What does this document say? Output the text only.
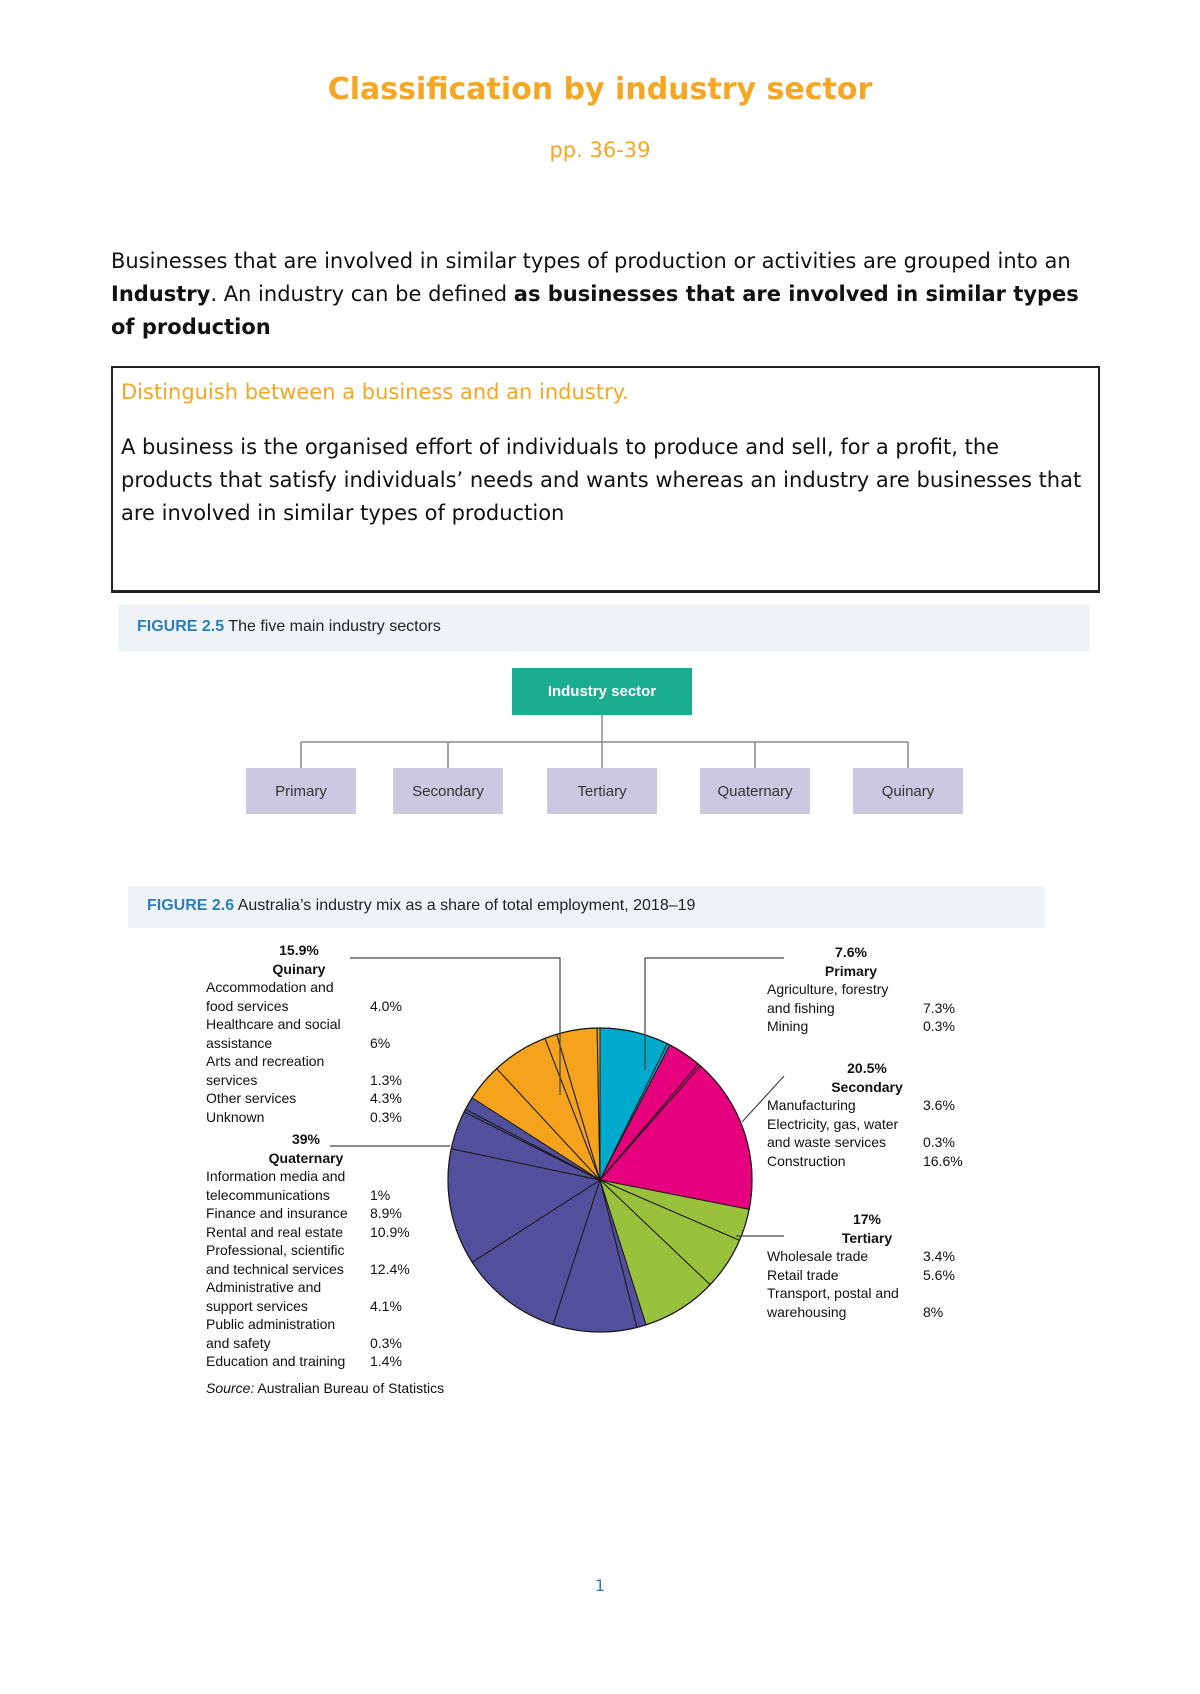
Classification by industry sector
pp. 36-39
Businesses that are involved in similar types of production or activities are grouped into an Industry. An industry can be defined as businesses that are involved in similar types of production
Distinguish between a business and an industry.
A business is the organised effort of individuals to produce and sell, for a profit, the products that satisfy individuals’ needs and wants whereas an industry are businesses that are involved in similar types of production
FIGURE 2.5 The five main industry sectors
Industry sector
Primary	Secondary	Tertiary	Quaternary	Quinary
FIGURE 2.6 Australia’s industry mix as a share of total employment, 2018–19
15.9%
Quinary
Accommodation and
food services	4.0%
Healthcare and social
assistance	6%
Arts and recreation
services	1.3%
Other services	4.3%
Unknown	0.3%
39%
Quaternary
Information media and
telecommunications	1%
Finance and insurance 8.9%
Rental and real estate 10.9%
Professional, scientific
and technical services 12.4%
Administrative and
support services	4.1%
Public administration
and safety	0.3%
Education and training 1.4%
Source: Australian Bureau of Statistics
7.6%
Primary
Agriculture, forestry
and fishing	7.3%
Mining	0.3%
20.5%
Secondary
Manufacturing	3.6%
Electricity, gas, water
and waste services	0.3%
Construction	16.6%
17%
Tertiary
Wholesale trade	3.4%
Retail trade	5.6%
Transport, postal and
warehousing	8%
1
